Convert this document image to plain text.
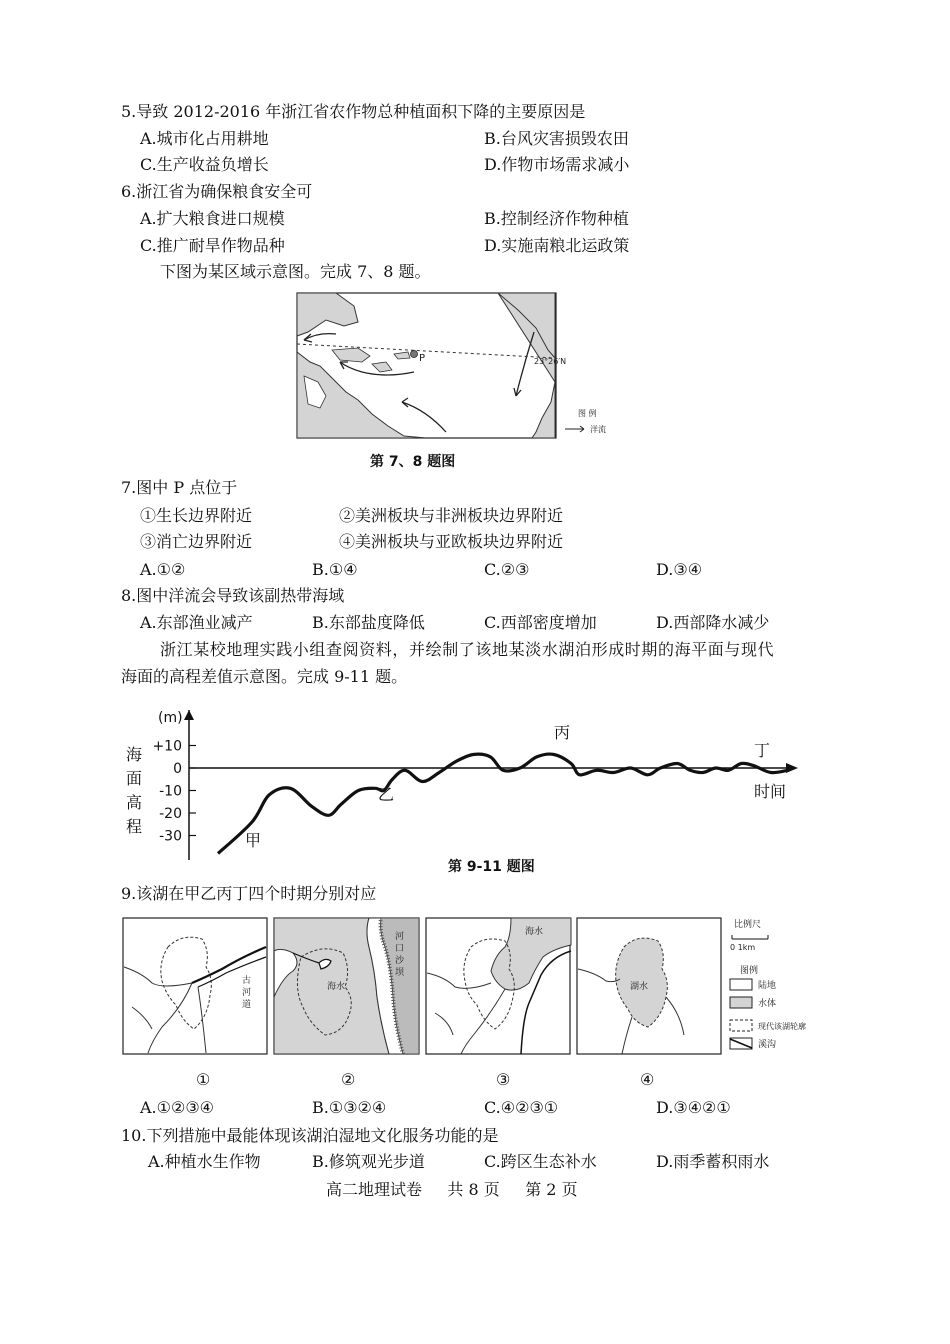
5.导致 2012-2016 年浙江省农作物总种植面积下降的主要原因是
A.城市化占用耕地	B.台风灾害损毁农田
C.生产收益负增长	D.作物市场需求减小
6.浙江省为确保粮食安全可
A.扩大粮食进口规模	B.控制经济作物种植
C.推广耐旱作物品种	D.实施南粮北运政策
下图为某区域示意图。完成 7、8 题。
23°26′N
P
图 例
洋流
第 7、8 题图
7.图中 P 点位于
①生长边界附近	②美洲板块与非洲板块边界附近
③消亡边界附近	④美洲板块与亚欧板块边界附近
A.①②	B.①④	C.②③	D.③④
8.图中洋流会导致该副热带海域
A.东部渔业减产	B.东部盐度降低	C.西部密度增加	D.西部降水减少
浙江某校地理实践小组查阅资料，并绘制了该地某淡水湖泊形成时期的海平面与现代
海面的高程差值示意图。完成 9-11 题。
(m)
海
面
高
程
+10
0
-10
-20
-30
时间
甲
乙
丙
丁
第 9-11 题图
9.该湖在甲乙丙丁四个时期分别对应
古河道
海水
河口沙坝
海水
湖水
比例尺
0 1km
图例
陆地
水体
现代该湖轮廓
溪沟
①	②	③	④
A.①②③④	B.①③②④	C.④②③①	D.③④②①
10.下列措施中最能体现该湖泊湿地文化服务功能的是
A.种植水生作物	B.修筑观光步道	C.跨区生态补水	D.雨季蓄积雨水
高二地理试卷     共 8 页     第 2 页
